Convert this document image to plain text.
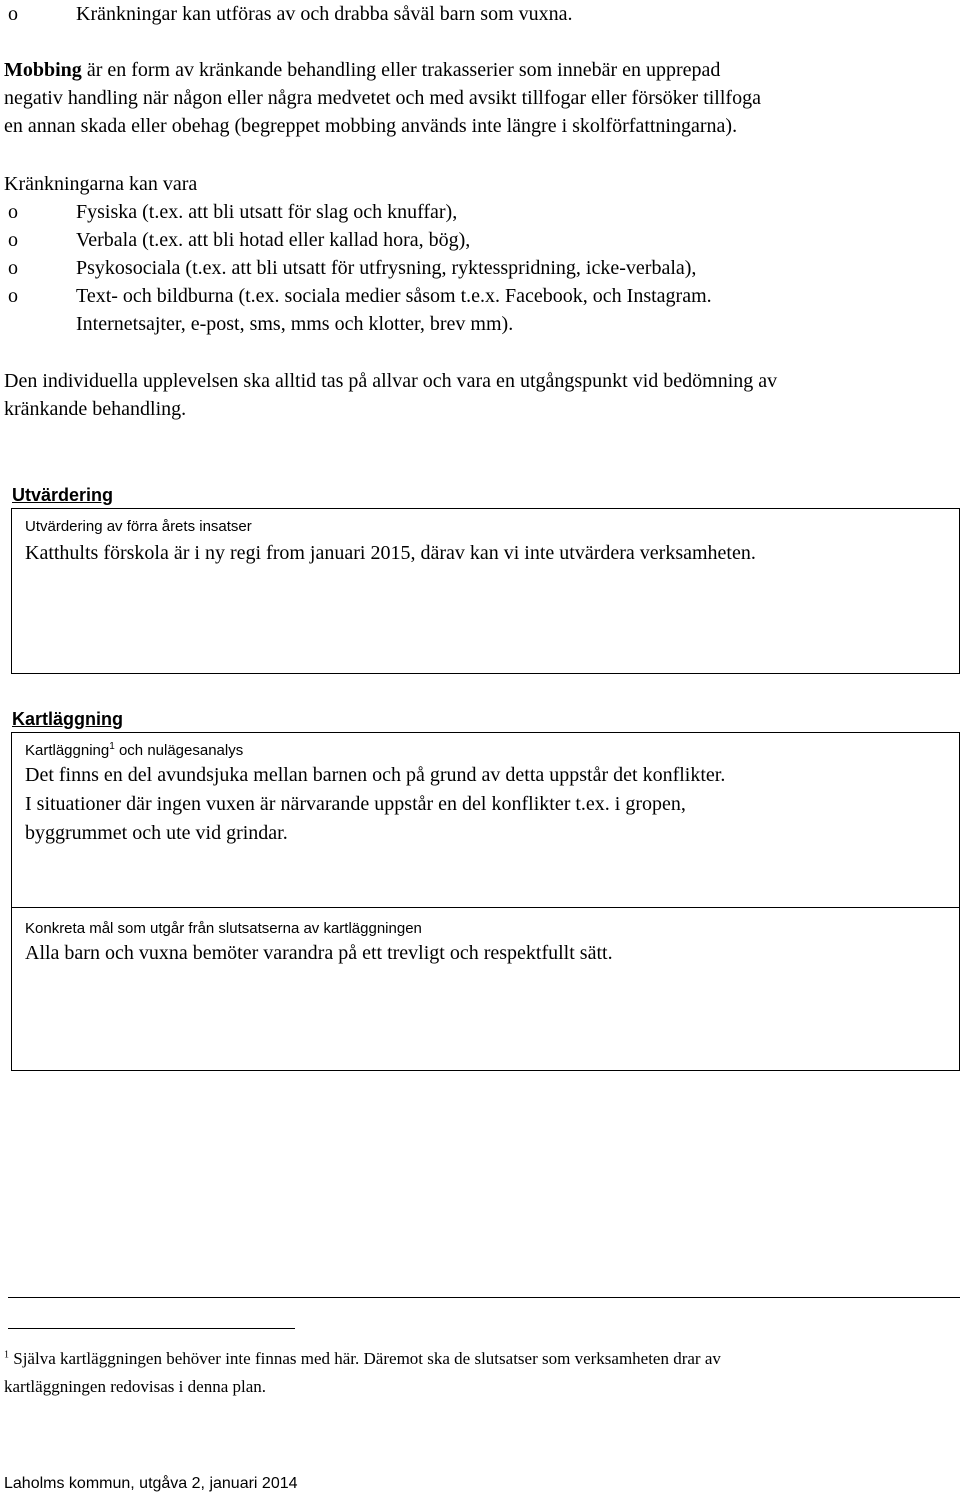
o	Kränkningar kan utföras av och drabba såväl barn som vuxna.
Mobbing är en form av kränkande behandling eller trakasserier som innebär en upprepad
negativ handling när någon eller några medvetet och med avsikt tillfogar eller försöker tillfoga
en annan skada eller obehag (begreppet mobbing används inte längre i skolförfattningarna).
Kränkningarna kan vara
o	Fysiska (t.ex. att bli utsatt för slag och knuffar),
o	Verbala (t.ex. att bli hotad eller kallad hora, bög),
o	Psykosociala (t.ex. att bli utsatt för utfrysning, ryktesspridning, icke-verbala),
o	Text- och bildburna (t.ex. sociala medier såsom t.e.x. Facebook, och Instagram.
Internetsajter, e-post, sms, mms och klotter, brev mm).
Den individuella upplevelsen ska alltid tas på allvar och vara en utgångspunkt vid bedömning av
kränkande behandling.
Utvärdering
Utvärdering av förra årets insatser
Katthults förskola är i ny regi from januari 2015, därav kan vi inte utvärdera verksamheten.
Kartläggning
Kartläggning$^1$ och nulägesanalys
Det finns en del avundsjuka mellan barnen och på grund av detta uppstår det konflikter.
I situationer där ingen vuxen är närvarande uppstår en del konflikter t.ex. i gropen,
byggrummet och ute vid grindar.
Konkreta mål som utgår från slutsatserna av kartläggningen
Alla barn och vuxna bemöter varandra på ett trevligt och respektfullt sätt.
$^1$ Själva kartläggningen behöver inte finnas med här. Däremot ska de slutsatser som verksamheten drar av
kartläggningen redovisas i denna plan.
Laholms kommun, utgåva 2, januari 2014
